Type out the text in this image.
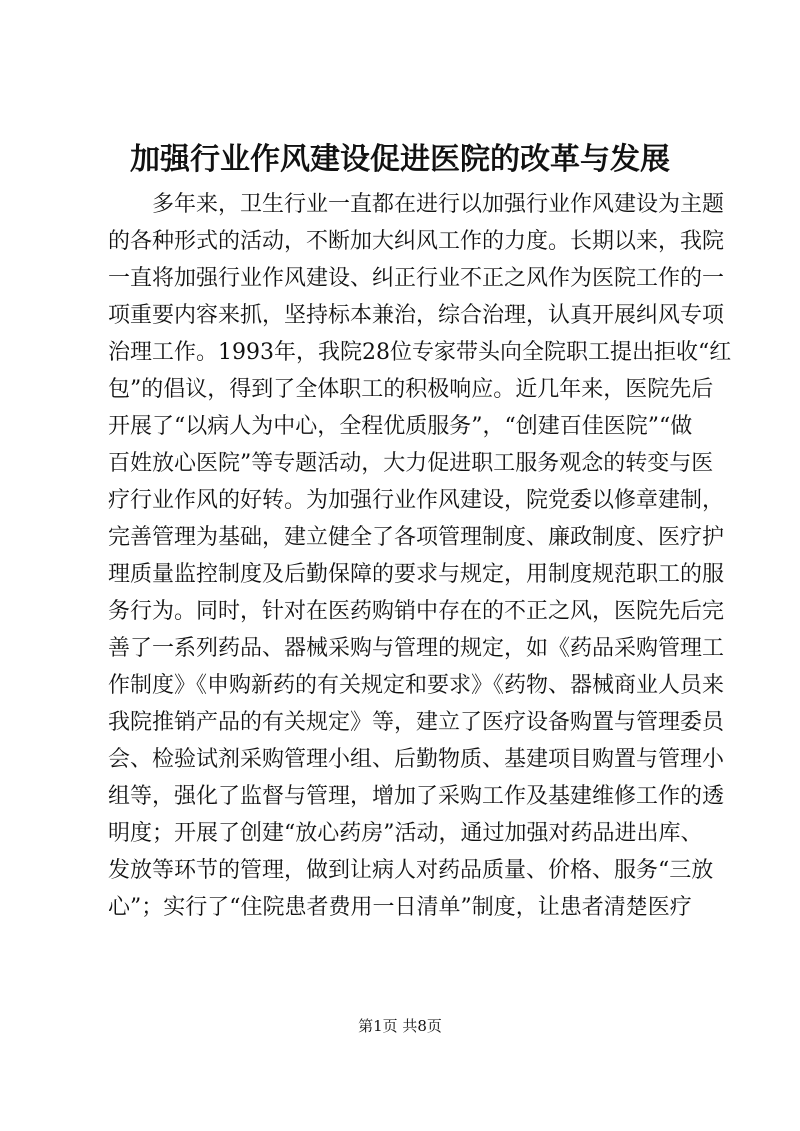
加强行业作风建设促进医院的改革与发展
　　多年来，卫生行业一直都在进行以加强行业作风建设为主题
的各种形式的活动，不断加大纠风工作的力度。长期以来，我院
一直将加强行业作风建设、纠正行业不正之风作为医院工作的一
项重要内容来抓，坚持标本兼治，综合治理，认真开展纠风专项
治理工作。1993年，我院28位专家带头向全院职工提出拒收“红
包”的倡议，得到了全体职工的积极响应。近几年来，医院先后
开展了“以病人为中心，全程优质服务”，“创建百佳医院”“做
百姓放心医院”等专题活动，大力促进职工服务观念的转变与医
疗行业作风的好转。为加强行业作风建设，院党委以修章建制，
完善管理为基础，建立健全了各项管理制度、廉政制度、医疗护
理质量监控制度及后勤保障的要求与规定，用制度规范职工的服
务行为。同时，针对在医药购销中存在的不正之风，医院先后完
善了一系列药品、器械采购与管理的规定，如《药品采购管理工
作制度》《申购新药的有关规定和要求》《药物、器械商业人员来
我院推销产品的有关规定》等，建立了医疗设备购置与管理委员
会、检验试剂采购管理小组、后勤物质、基建项目购置与管理小
组等，强化了监督与管理，增加了采购工作及基建维修工作的透
明度；开展了创建“放心药房”活动，通过加强对药品进出库、
发放等环节的管理，做到让病人对药品质量、价格、服务“三放
心”；实行了“住院患者费用一日清单”制度，让患者清楚医疗
第1页 共8页
